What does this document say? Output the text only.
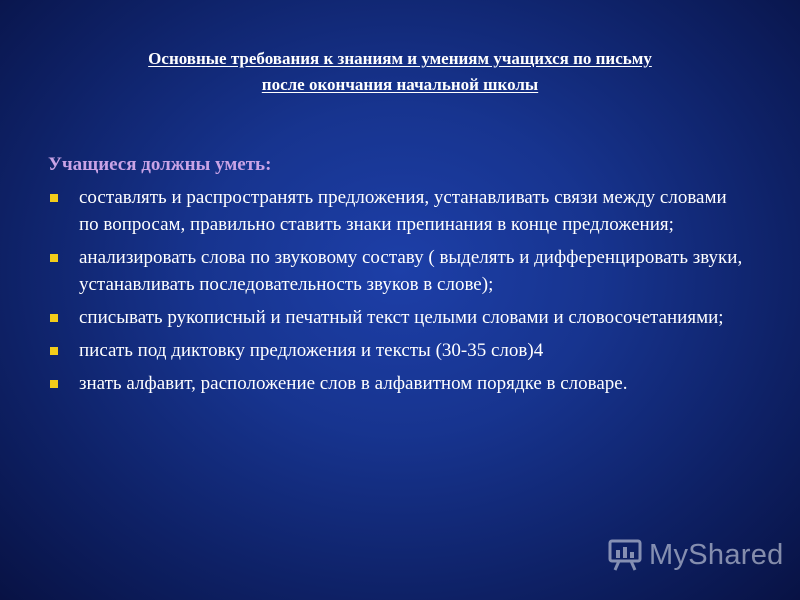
Основные требования к знаниям и умениям учащихся по письму
после окончания начальной школы
Учащиеся должны уметь:
составлять и распространять предложения, устанавливать связи между словами по вопросам, правильно ставить знаки препинания в конце предложения;
анализировать слова по звуковому составу ( выделять и дифференцировать звуки, устанавливать последовательность звуков в слове);
списывать рукописный и печатный текст целыми словами и словосочетаниями;
писать под диктовку предложения и тексты (30-35 слов)4
знать алфавит, расположение слов в алфавитном порядке в словаре.
MyShared
